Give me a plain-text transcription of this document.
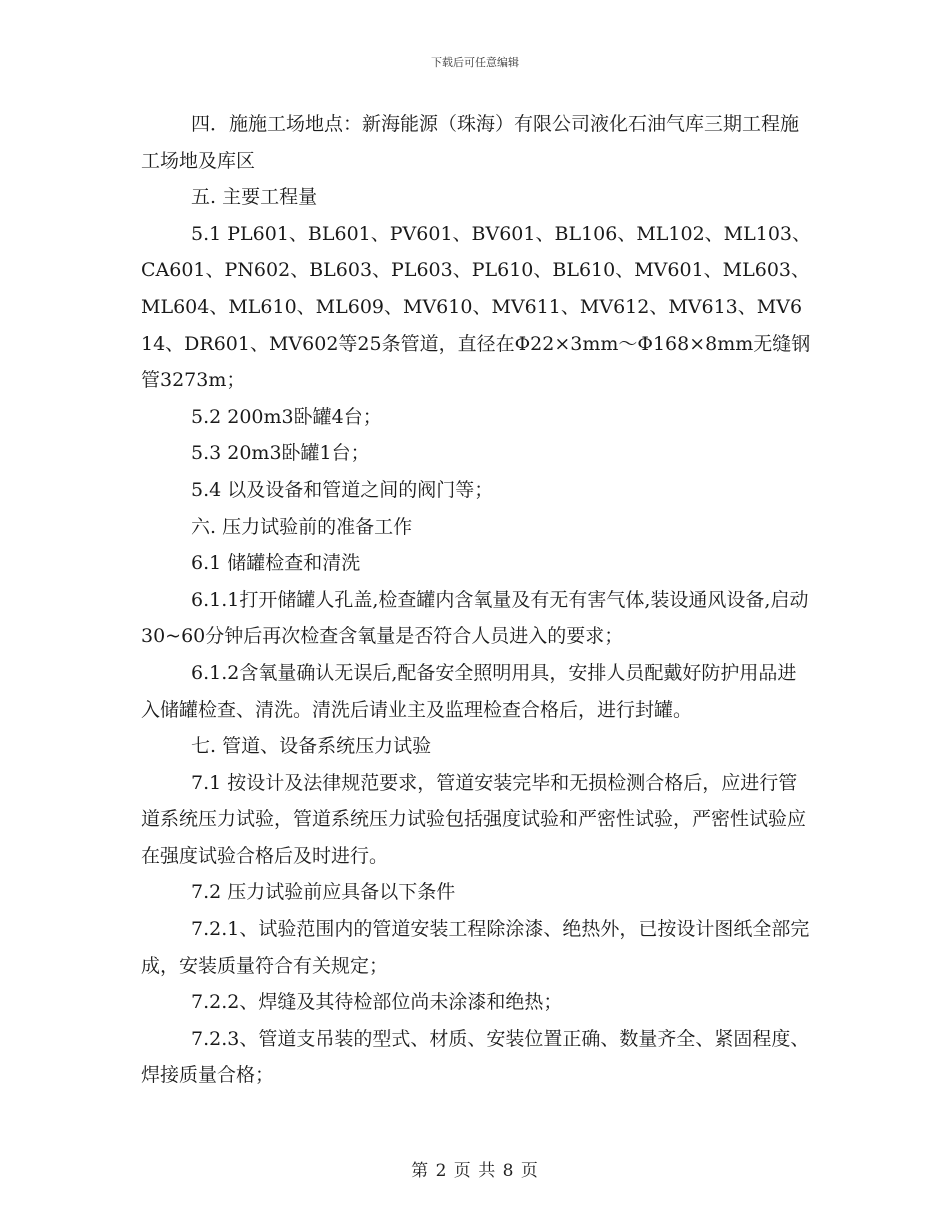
下载后可任意编辑

四．施施工场地点：新海能源（珠海）有限公司液化石油气库三期工程施工场地及库区

五. 主要工程量

5.1 PL601、BL601、PV601、BV601、BL106、ML102、ML103、CA601、PN602、BL603、PL603、PL610、BL610、MV601、ML603、ML604、ML610、ML609、MV610、MV611、MV612、MV613、MV614、DR601、MV602等25条管道，直径在Φ22×3mm～Φ168×8mm无缝钢管3273m；

5.2 200m3卧罐4台；

5.3 20m3卧罐1台；

5.4 以及设备和管道之间的阀门等；

六. 压力试验前的准备工作

6.1 储罐检查和清洗

6.1.1打开储罐人孔盖,检查罐内含氧量及有无有害气体,装设通风设备,启动30~60分钟后再次检查含氧量是否符合人员进入的要求；

6.1.2含氧量确认无误后,配备安全照明用具，安排人员配戴好防护用品进入储罐检查、清洗。清洗后请业主及监理检查合格后，进行封罐。

七. 管道、设备系统压力试验

7.1 按设计及法律规范要求，管道安装完毕和无损检测合格后，应进行管道系统压力试验，管道系统压力试验包括强度试验和严密性试验，严密性试验应在强度试验合格后及时进行。

7.2 压力试验前应具备以下条件

7.2.1、试验范围内的管道安装工程除涂漆、绝热外，已按设计图纸全部完成，安装质量符合有关规定；

7.2.2、焊缝及其待检部位尚未涂漆和绝热；

7.2.3、管道支吊装的型式、材质、安装位置正确、数量齐全、紧固程度、焊接质量合格；

第 2 页 共 8 页
